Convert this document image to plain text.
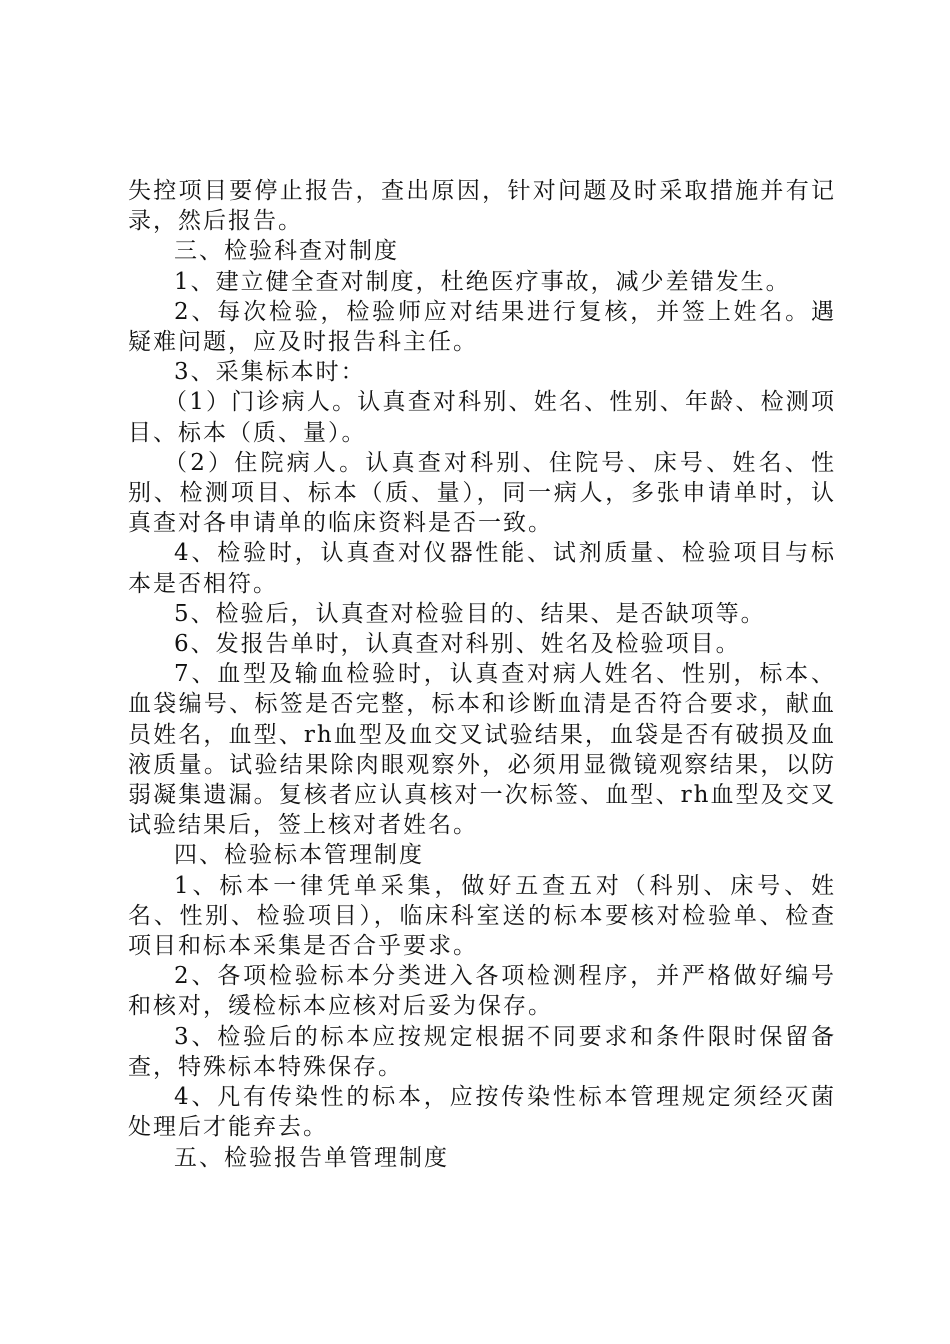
失控项目要停止报告，查出原因，针对问题及时采取措施并有记录，然后报告。

三、检验科查对制度

1、建立健全查对制度，杜绝医疗事故，减少差错发生。

2、每次检验，检验师应对结果进行复核，并签上姓名。遇疑难问题，应及时报告科主任。

3、采集标本时：

（1）门诊病人。认真查对科别、姓名、性别、年龄、检测项目、标本（质、量）。

（2）住院病人。认真查对科别、住院号、床号、姓名、性别、检测项目、标本（质、量），同一病人，多张申请单时，认真查对各申请单的临床资料是否一致。

4、检验时，认真查对仪器性能、试剂质量、检验项目与标本是否相符。

5、检验后，认真查对检验目的、结果、是否缺项等。

6、发报告单时，认真查对科别、姓名及检验项目。

7、血型及输血检验时，认真查对病人姓名、性别，标本、血袋编号、标签是否完整，标本和诊断血清是否符合要求，献血员姓名，血型、rh血型及血交叉试验结果，血袋是否有破损及血液质量。试验结果除肉眼观察外，必须用显微镜观察结果，以防弱凝集遗漏。复核者应认真核对一次标签、血型、rh血型及交叉试验结果后，签上核对者姓名。

四、检验标本管理制度

1、标本一律凭单采集，做好五查五对（科别、床号、姓名、性别、检验项目），临床科室送的标本要核对检验单、检查项目和标本采集是否合乎要求。

2、各项检验标本分类进入各项检测程序，并严格做好编号和核对，缓检标本应核对后妥为保存。

3、检验后的标本应按规定根据不同要求和条件限时保留备查，特殊标本特殊保存。

4、凡有传染性的标本，应按传染性标本管理规定须经灭菌处理后才能弃去。

五、检验报告单管理制度
